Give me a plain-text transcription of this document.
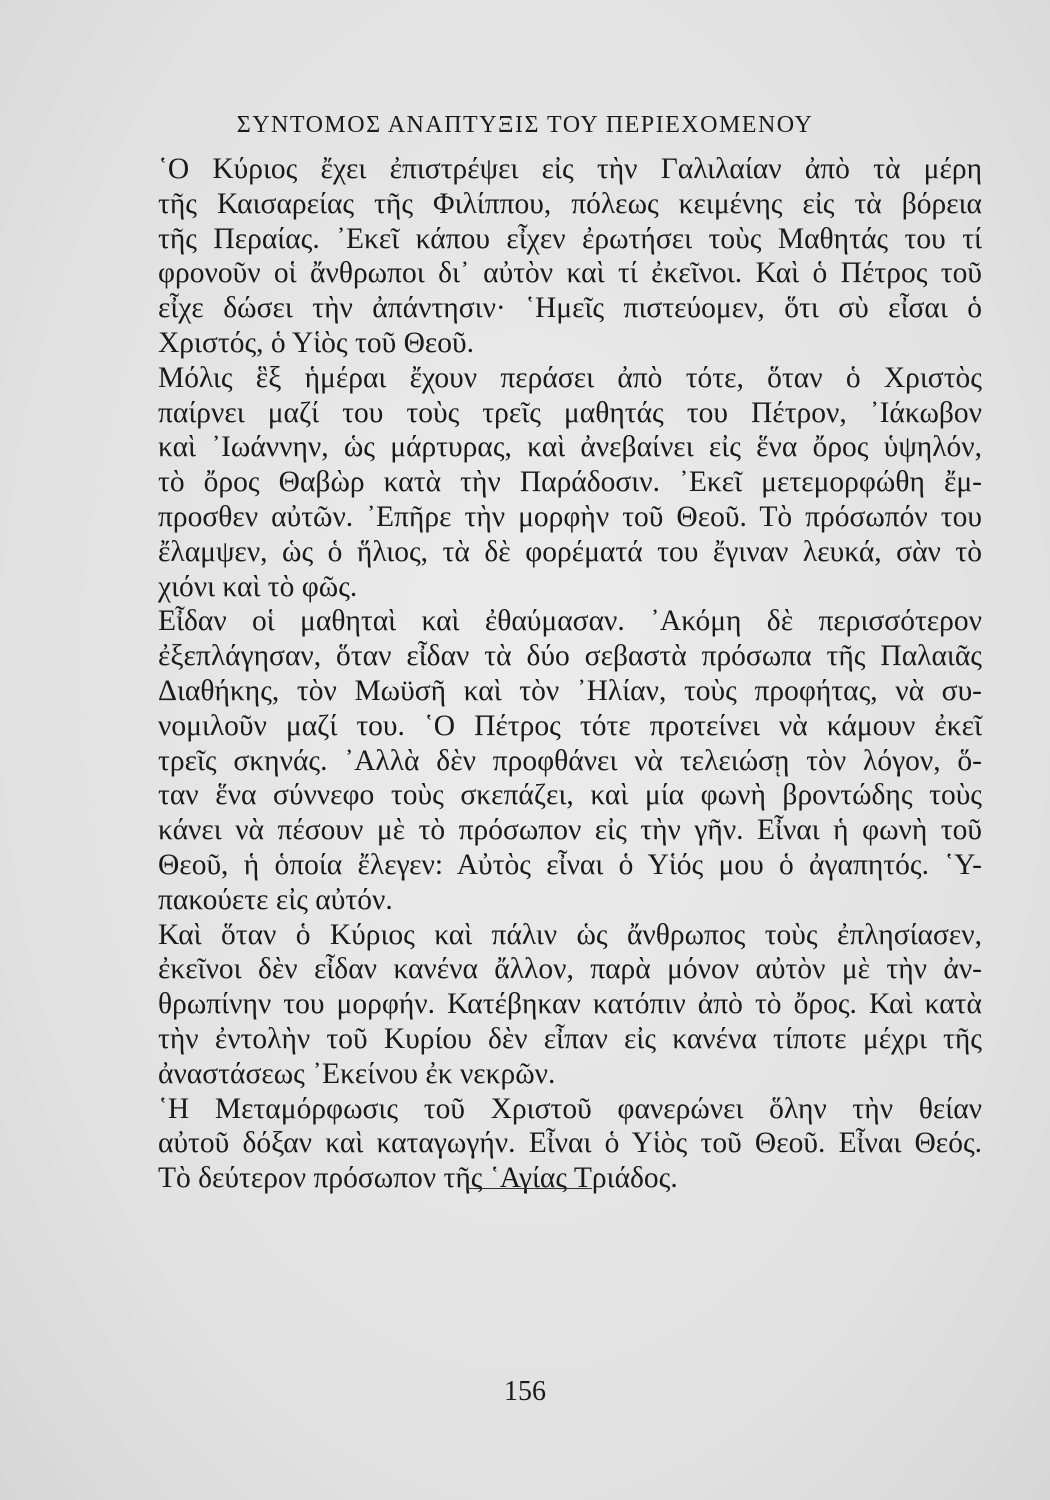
ΣΥΝΤΟΜΟΣ ΑΝΑΠΤΥΞΙΣ ΤΟΥ ΠΕΡΙΕΧΟΜΕΝΟΥ

῾Ο Κύριος ἔχει ἐπιστρέψει εἰς τὴν Γαλιλαίαν ἀπὸ τὰ μέρη
τῆς Καισαρείας τῆς Φιλίππου, πόλεως κειμένης εἰς τὰ βόρεια
τῆς Περαίας. ᾿Εκεῖ κάπου εἶχεν ἐρωτήσει τοὺς Μαθητάς του τί
φρονοῦν οἱ ἄνθρωποι δι᾿ αὐτὸν καὶ τί ἐκεῖνοι. Καὶ ὁ Πέτρος τοῦ
εἶχε δώσει τὴν ἀπάντησιν· ῾Ημεῖς πιστεύομεν, ὅτι σὺ εἶσαι ὁ
Χριστός, ὁ Υἱὸς τοῦ Θεοῦ.

Μόλις ἓξ ἡμέραι ἔχουν περάσει ἀπὸ τότε, ὅταν ὁ Χριστὸς
παίρνει μαζί του τοὺς τρεῖς μαθητάς του Πέτρον, ᾿Ιάκωβον
καὶ ᾿Ιωάννην, ὡς μάρτυρας, καὶ ἀνεβαίνει εἰς ἕνα ὄρος ὑψηλόν,
τὸ ὄρος Θαβὼρ κατὰ τὴν Παράδοσιν. ᾿Εκεῖ μετεμορφώθη ἔμ-
προσθεν αὐτῶν. ᾿Επῆρε τὴν μορφὴν τοῦ Θεοῦ. Τὸ πρόσωπόν του
ἔλαμψεν, ὡς ὁ ἥλιος, τὰ δὲ φορέματά του ἔγιναν λευκά, σὰν τὸ
χιόνι καὶ τὸ φῶς.

Εἶδαν οἱ μαθηταὶ καὶ ἐθαύμασαν. ᾿Ακόμη δὲ περισσότερον
ἐξεπλάγησαν, ὅταν εἶδαν τὰ δύο σεβαστὰ πρόσωπα τῆς Παλαιᾶς
Διαθήκης, τὸν Μωϋσῆ καὶ τὸν ᾿Ηλίαν, τοὺς προφήτας, νὰ συ-
νομιλοῦν μαζί του. ῾Ο Πέτρος τότε προτείνει νὰ κάμουν ἐκεῖ
τρεῖς σκηνάς. ᾿Αλλὰ δὲν προφθάνει νὰ τελειώσῃ τὸν λόγον, ὅ-
ταν ἕνα σύννεφο τοὺς σκεπάζει, καὶ μία φωνὴ βροντώδης τοὺς
κάνει νὰ πέσουν μὲ τὸ πρόσωπον εἰς τὴν γῆν. Εἶναι ἡ φωνὴ τοῦ
Θεοῦ, ἡ ὁποία ἔλεγεν: Αὐτὸς εἶναι ὁ Υἱός μου ὁ ἀγαπητός. ῾Υ-
πακούετε εἰς αὐτόν.

Καὶ ὅταν ὁ Κύριος καὶ πάλιν ὡς ἄνθρωπος τοὺς ἐπλησίασεν,
ἐκεῖνοι δὲν εἶδαν κανένα ἄλλον, παρὰ μόνον αὐτὸν μὲ τὴν ἀν-
θρωπίνην του μορφήν. Κατέβηκαν κατόπιν ἀπὸ τὸ ὄρος. Καὶ κατὰ
τὴν ἐντολὴν τοῦ Κυρίου δὲν εἶπαν εἰς κανένα τίποτε μέχρι τῆς
ἀναστάσεως ᾿Εκείνου ἐκ νεκρῶν.

῾Η Μεταμόρφωσις τοῦ Χριστοῦ φανερώνει ὅλην τὴν θείαν
αὐτοῦ δόξαν καὶ καταγωγήν. Εἶναι ὁ Υἱὸς τοῦ Θεοῦ. Εἶναι Θεός.
Τὸ δεύτερον πρόσωπον τῆς ῾Αγίας Τριάδος.

156
